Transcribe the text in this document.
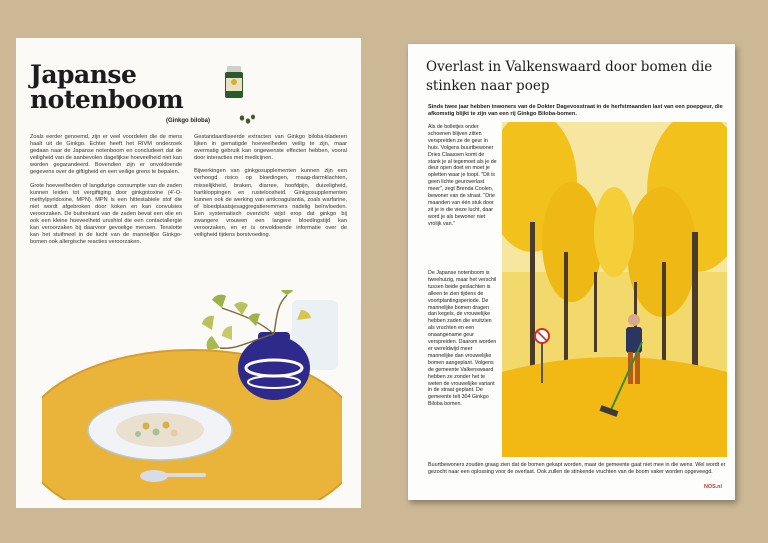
Japanse
notenboom
(Ginkgo biloba)

Zoals eerder genoemd, zijn er veel voordelen die de mens haalt uit de Ginkgo. Echter heeft het RIVM onderzoek gedaan naar de Japanse notenboom en concludeert dat de veiligheid van de aanbevolen dagelijkse hoeveelheid niet kan worden gegarandeerd. Bovendien zijn er onvoldoende gegevens over de giftigheid en een veilige grens te bepalen.

Grote hoeveelheden of langdurige consumptie van de zaden kunnen leiden tot vergiftiging door ginkgotoxine (4'-O-methylpyridoxine, MPN). MPN is een hittestabiele stof die niet wordt afgebroken door koken en kan convulsies veroorzaken. De buitenkant van de zaden bevat een olie en ook een kleine hoeveelheid urushiol die een contactallergie kan veroorzaken bij daarvoor gevoelige mensen. Tenslotte kan het stuifmeel in de lucht van de mannelijke Ginkgo-bomen ook allergische reacties veroorzaken.

Gestandaardiseerde extracten van Ginkgo biloba-bladeren lijken in gematigde hoeveelheden veilig te zijn, maar overmatig gebruik kan ongewenste effecten hebben, vooral door interacties met medicijnen.

Bijwerkingen van ginkgosupplementen kunnen zijn een verhoogd risico op bloedingen, maag-darmklachten, misselijkheid, braken, diarree, hoofdpijn, duizeligheid, hartkloppingen en rusteloosheid. Ginkgosupplementen kunnen ook de werking van anticoagulantia, zoals warfarine, of bloedplaatsjesaggregatieremmers nadelig beïnvloeden. Een systematisch overzicht wijst erop dat ginkgo bij zwangere vrouwen een langere bloedingstijd kan veroorzaken, en er is onvoldoende informatie over de veiligheid tijdens borstvoeding.

Overlast in Valkenswaard door bomen die stinken naar poep
Sinds twee jaar hebben inwoners van de Dokter Dagevosstraat in de herfstmaanden last van een poepgeur, die afkomstig blijkt te zijn van een rij Ginkgo Biloba-bomen.
Als de bolletjes onder schoenen blijven zitten verspreiden ze de geur in huis. Volgens buurtbewoner Dries Claassen komt de stank je al tegemoet als je de deur open doet en moet je opletten waar je loopt. "Dit is geen lichte geuroverlast meer", zegt Brenda Coolen, bewoner van de straat. "Drie maanden van één stuk door zit je in die vieze lucht, daar word je als bewoner niet vrolijk van."
De Japanse notenboom is tweehuizig, maar het verschil tussen beide geslachten is alleen te zien tijdens de voortplantingsperiode. De mannelijke bomen dragen dan kegels, de vrouwelijke hebben zaden die eruitzien als vruchten en een onaangename geur verspreiden. Daarom worden er wereldwijd meer mannelijke dan vrouwelijke bomen aangeplant. Volgens de gemeente Valkenswaard hebben ze zonder het te weten de vrouwelijke variant in de straat geplant. De gemeente telt 304 Ginkgo Biloba bomen.
Buurtbewoners zouden graag zien dat de bomen gekapt worden, maar de gemeente gaat niet mee in die wens. Wel wordt er gezocht naar een oplossing voor de overlast. Ook zullen de stinkende vruchten van de boom vaker worden opgeveegd.
NOS.nl
